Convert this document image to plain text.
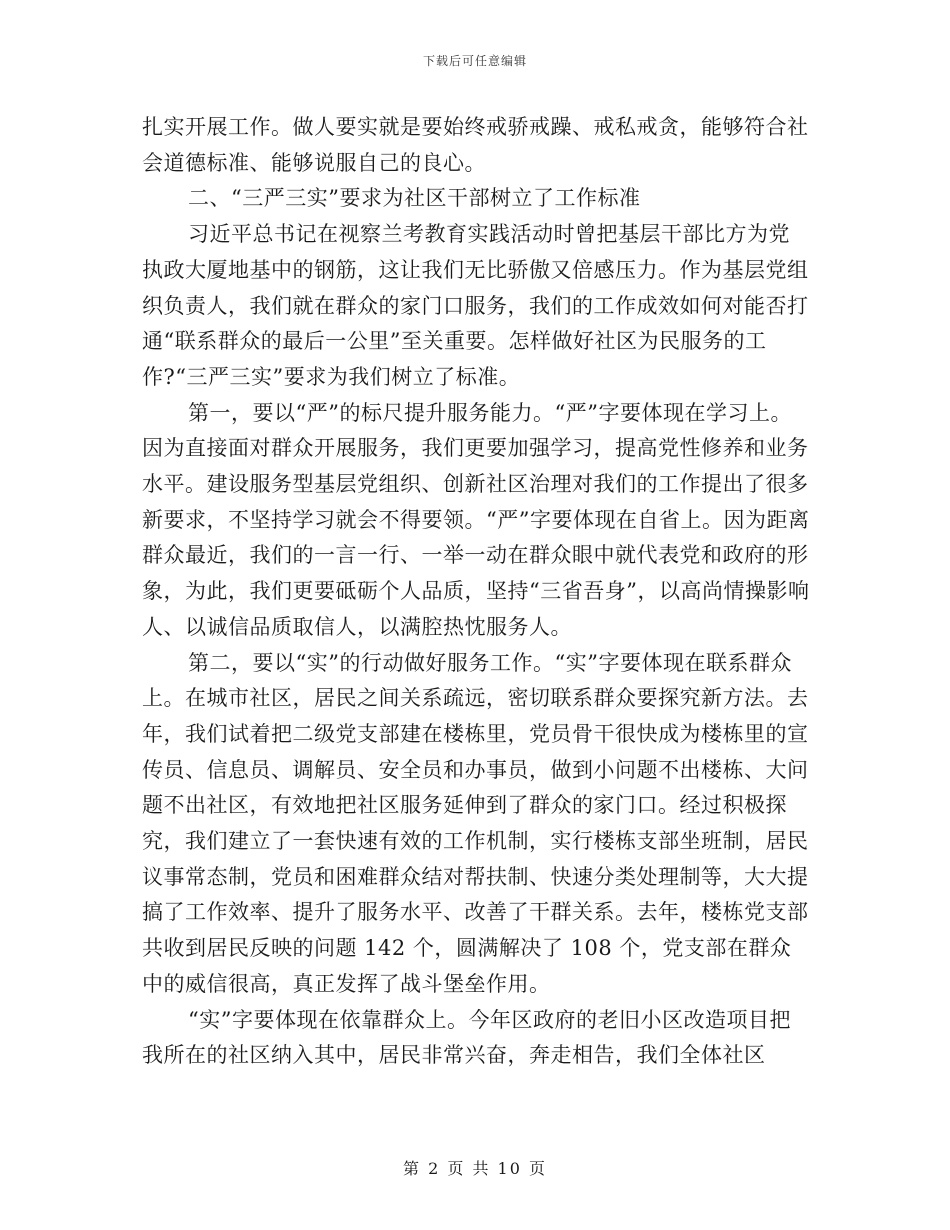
下载后可任意编辑

扎实开展工作。做人要实就是要始终戒骄戒躁、戒私戒贪，能够符合社会道德标准、能够说服自己的良心。

二、“三严三实”要求为社区干部树立了工作标准

习近平总书记在视察兰考教育实践活动时曾把基层干部比方为党执政大厦地基中的钢筋，这让我们无比骄傲又倍感压力。作为基层党组织负责人，我们就在群众的家门口服务，我们的工作成效如何对能否打通“联系群众的最后一公里”至关重要。怎样做好社区为民服务的工作?“三严三实”要求为我们树立了标准。

第一，要以“严”的标尺提升服务能力。“严”字要体现在学习上。因为直接面对群众开展服务，我们更要加强学习，提高党性修养和业务水平。建设服务型基层党组织、创新社区治理对我们的工作提出了很多新要求，不坚持学习就会不得要领。“严”字要体现在自省上。因为距离群众最近，我们的一言一行、一举一动在群众眼中就代表党和政府的形象，为此，我们更要砥砺个人品质，坚持“三省吾身”，以高尚情操影响人、以诚信品质取信人，以满腔热忱服务人。

第二，要以“实”的行动做好服务工作。“实”字要体现在联系群众上。在城市社区，居民之间关系疏远，密切联系群众要探究新方法。去年，我们试着把二级党支部建在楼栋里，党员骨干很快成为楼栋里的宣传员、信息员、调解员、安全员和办事员，做到小问题不出楼栋、大问题不出社区，有效地把社区服务延伸到了群众的家门口。经过积极探究，我们建立了一套快速有效的工作机制，实行楼栋支部坐班制，居民议事常态制，党员和困难群众结对帮扶制、快速分类处理制等，大大提搞了工作效率、提升了服务水平、改善了干群关系。去年，楼栋党支部共收到居民反映的问题 142 个，圆满解决了 108 个，党支部在群众中的威信很高，真正发挥了战斗堡垒作用。

“实”字要体现在依靠群众上。今年区政府的老旧小区改造项目把我所在的社区纳入其中，居民非常兴奋，奔走相告，我们全体社区

第 2 页 共 10 页
